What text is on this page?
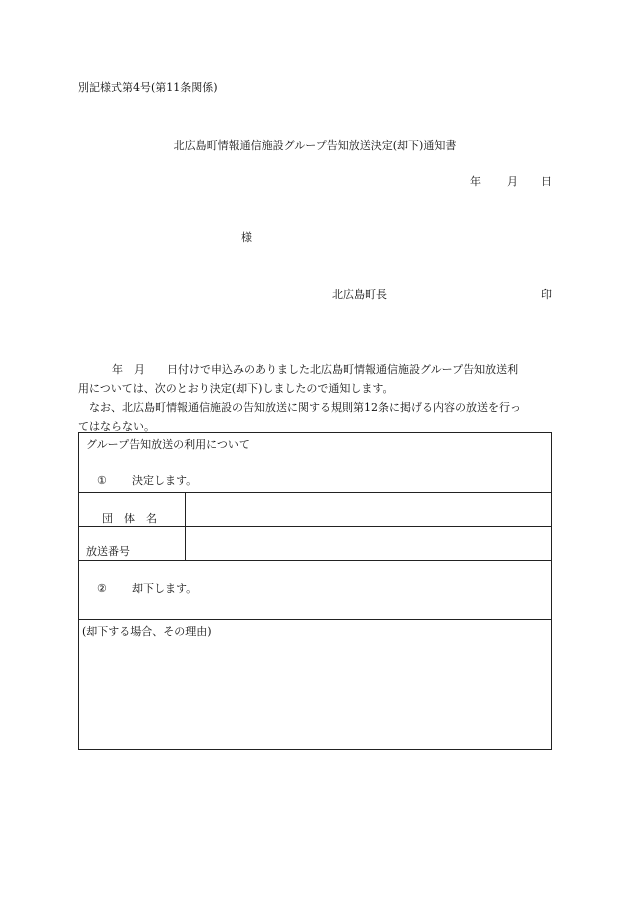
別記様式第4号(第11条関係)
北広島町情報通信施設グループ告知放送決定(却下)通知書
年 月 日
様
北広島町長	印

年　月　　日付けで申込みのありました北広島町情報通信施設グループ告知放送利
用については、次のとおり決定(却下)しましたので通知します。

なお、北広島町情報通信施設の告知放送に関する規則第12条に掲げる内容の放送を行っ
てはならない。

グループ告知放送の利用について
① 決定します。
団　体　名
放送番号
② 却下します。
(却下する場合、その理由)
